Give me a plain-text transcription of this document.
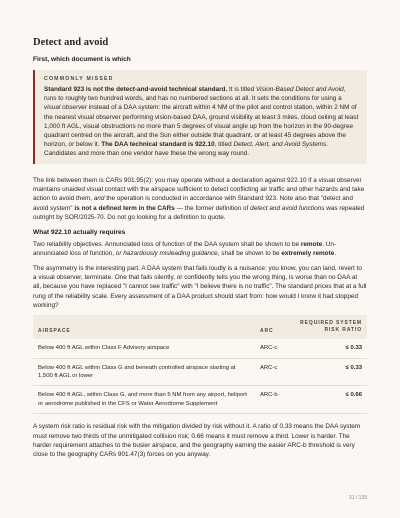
Detect and avoid
First, which document is which
COMMONLY MISSED
Standard 923 is not the detect-and-avoid technical standard. It is titled Vision-Based Detect and Avoid, runs to roughly two hundred words, and has no numbered sections at all. It sets the conditions for using a visual observer instead of a DAA system: the aircraft within 4 NM of the pilot and control station, within 2 NM of the nearest visual observer performing vision-based DAA, ground visibility at least 3 miles, cloud ceiling at least 1,000 ft AGL, visual obstructions no more than 5 degrees of visual angle up from the horizon in the 90-degree quadrant centred on the aircraft, and the Sun either outside that quadrant, or at least 45 degrees above the horizon, or below it. The DAA technical standard is 922.10, titled Detect, Alert, and Avoid Systems. Candidates and more than one vendor have these the wrong way round.

The link between them is CARs 901.95(2): you may operate without a declaration against 922.10 if a visual observer maintains unaided visual contact with the airspace sufficient to detect conflicting air traffic and other hazards and take action to avoid them, and the operation is conducted in accordance with Standard 923. Note also that "detect and avoid system" is not a defined term in the CARs — the former definition of detect and avoid functions was repealed outright by SOR/2025-70. Do not go looking for a definition to quote.

What 922.10 actually requires

Two reliability objectives. Annunciated loss of function of the DAA system shall be shown to be remote. Un-annunciated loss of function, or hazardously misleading guidance, shall be shown to be extremely remote.

The asymmetry is the interesting part. A DAA system that fails loudly is a nuisance: you know, you can land, revert to a visual observer, terminate. One that fails silently, or confidently tells you the wrong thing, is worse than no DAA at all, because you have replaced "I cannot see traffic" with "I believe there is no traffic". The standard prices that at a full rung of the reliability scale. Every assessment of a DAA product should start from: how would I know it had stopped working?

AIRSPACE	ARC	REQUIRED SYSTEM
RISK RATIO
Below 400 ft AGL within Class F Advisory airspace	ARC-c	≤ 0.33
Below 400 ft AGL within Class G and beneath controlled airspace starting at 1,500 ft AGL or lower	ARC-c	≤ 0.33
Below 400 ft AGL, within Class G, and more than 5 NM from any airport, heliport or aerodrome published in the CFS or Water Aerodrome Supplement	ARC-b	≤ 0.66

A system risk ratio is residual risk with the mitigation divided by risk without it. A ratio of 0.33 means the DAA system must remove two thirds of the unmitigated collision risk; 0.66 means it must remove a third. Lower is harder. The harder requirement attaches to the busier airspace, and the geography earning the easier ARC-b threshold is very close to the geography CARs 901.47(3) forces on you anyway.

31 / 139
